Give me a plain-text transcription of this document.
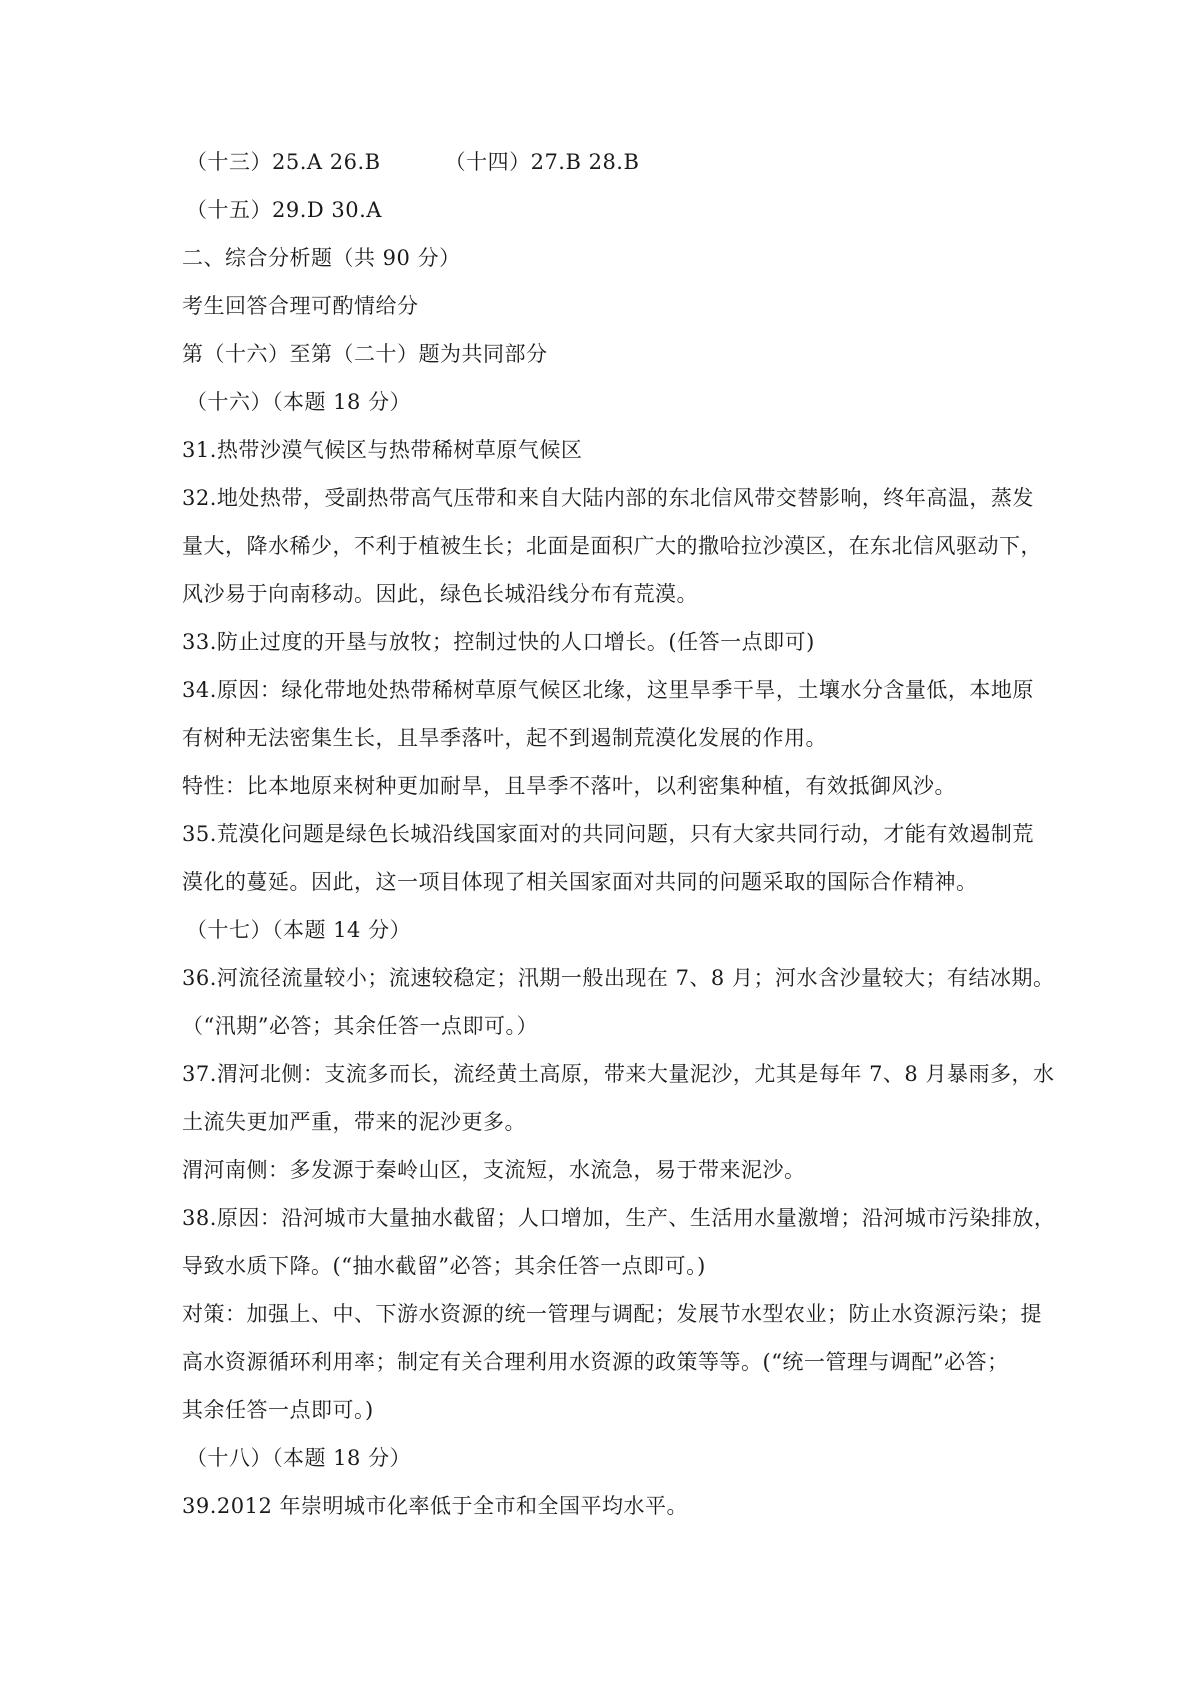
（十三）25.A 26.B	（十四）27.B 28.B
（十五）29.D 30.A
二、综合分析题（共 90 分）
考生回答合理可酌情给分
第（十六）至第（二十）题为共同部分
（十六）（本题 18 分）
31.热带沙漠气候区与热带稀树草原气候区
32.地处热带，受副热带高气压带和来自大陆内部的东北信风带交替影响，终年高温，蒸发
量大，降水稀少，不利于植被生长；北面是面积广大的撒哈拉沙漠区，在东北信风驱动下，
风沙易于向南移动。因此，绿色长城沿线分布有荒漠。
33.防止过度的开垦与放牧；控制过快的人口增长。(任答一点即可)
34.原因：绿化带地处热带稀树草原气候区北缘，这里旱季干旱，土壤水分含量低，本地原
有树种无法密集生长，且旱季落叶，起不到遏制荒漠化发展的作用。
特性：比本地原来树种更加耐旱，且旱季不落叶，以利密集种植，有效抵御风沙。
35.荒漠化问题是绿色长城沿线国家面对的共同问题，只有大家共同行动，才能有效遏制荒
漠化的蔓延。因此，这一项目体现了相关国家面对共同的问题采取的国际合作精神。
（十七）（本题 14 分）
36.河流径流量较小；流速较稳定；汛期一般出现在 7、8 月；河水含沙量较大；有结冰期。
（“汛期”必答；其余任答一点即可。）
37.渭河北侧：支流多而长，流经黄土高原，带来大量泥沙，尤其是每年 7、8 月暴雨多，水
土流失更加严重，带来的泥沙更多。
渭河南侧：多发源于秦岭山区，支流短，水流急，易于带来泥沙。
38.原因：沿河城市大量抽水截留；人口增加，生产、生活用水量激增；沿河城市污染排放，
导致水质下降。(“抽水截留”必答；其余任答一点即可。)
对策：加强上、中、下游水资源的统一管理与调配；发展节水型农业；防止水资源污染；提
高水资源循环利用率；制定有关合理利用水资源的政策等等。(“统一管理与调配”必答；
其余任答一点即可。)
（十八）（本题 18 分）
39.2012 年崇明城市化率低于全市和全国平均水平。
